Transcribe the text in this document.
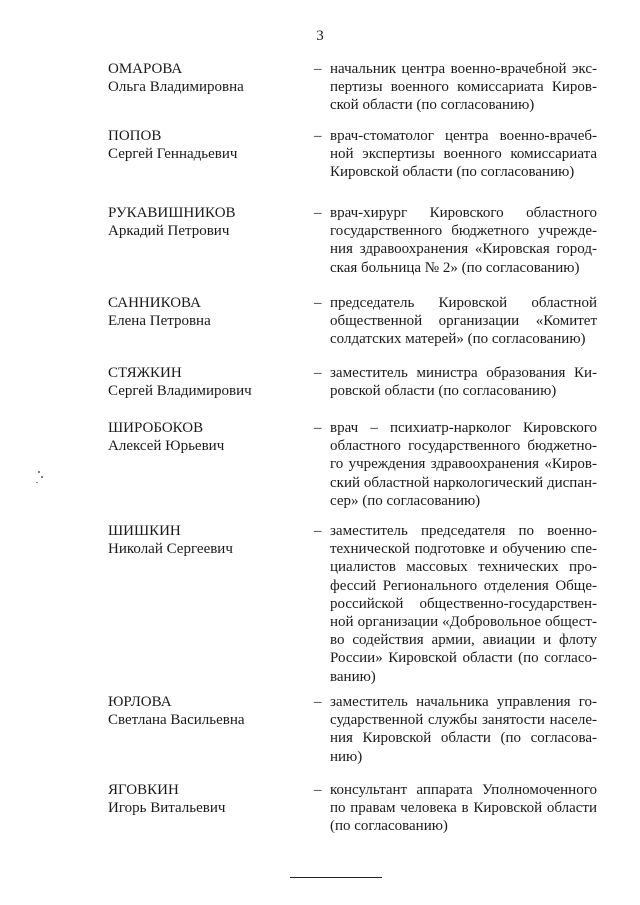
3
ОМАРОВА
Ольга Владимировна
– начальник центра военно-врачебной экс-
пертизы военного комиссариата Киров-
ской области (по согласованию)
ПОПОВ
Сергей Геннадьевич
– врач-стоматолог центра военно-врачеб-
ной экспертизы военного комиссариата
Кировской области (по согласованию)
РУКАВИШНИКОВ
Аркадий Петрович
– врач-хирург Кировского областного
государственного бюджетного учрежде-
ния здравоохранения «Кировская город-
ская больница № 2» (по согласованию)
САННИКОВА
Елена Петровна
– председатель Кировской областной
общественной организации «Комитет
солдатских матерей» (по согласованию)
СТЯЖКИН
Сергей Владимирович
– заместитель министра образования Ки-
ровской области (по согласованию)
ШИРОБОКОВ
Алексей Юрьевич
– врач – психиатр-нарколог Кировского
областного государственного бюджетно-
го учреждения здравоохранения «Киров-
ский областной наркологический диспан-
сер» (по согласованию)
ШИШКИН
Николай Сергеевич
– заместитель председателя по военно-
технической подготовке и обучению спе-
циалистов массовых технических про-
фессий Регионального отделения Обще-
российской общественно-государствен-
ной организации «Добровольное общест-
во содействия армии, авиации и флоту
России» Кировской области (по согласо-
ванию)
ЮРЛОВА
Светлана Васильевна
– заместитель начальника управления го-
сударственной службы занятости населе-
ния Кировской области (по согласова-
нию)
ЯГОВКИН
Игорь Витальевич
– консультант аппарата Уполномоченного
по правам человека в Кировской области
(по согласованию)
